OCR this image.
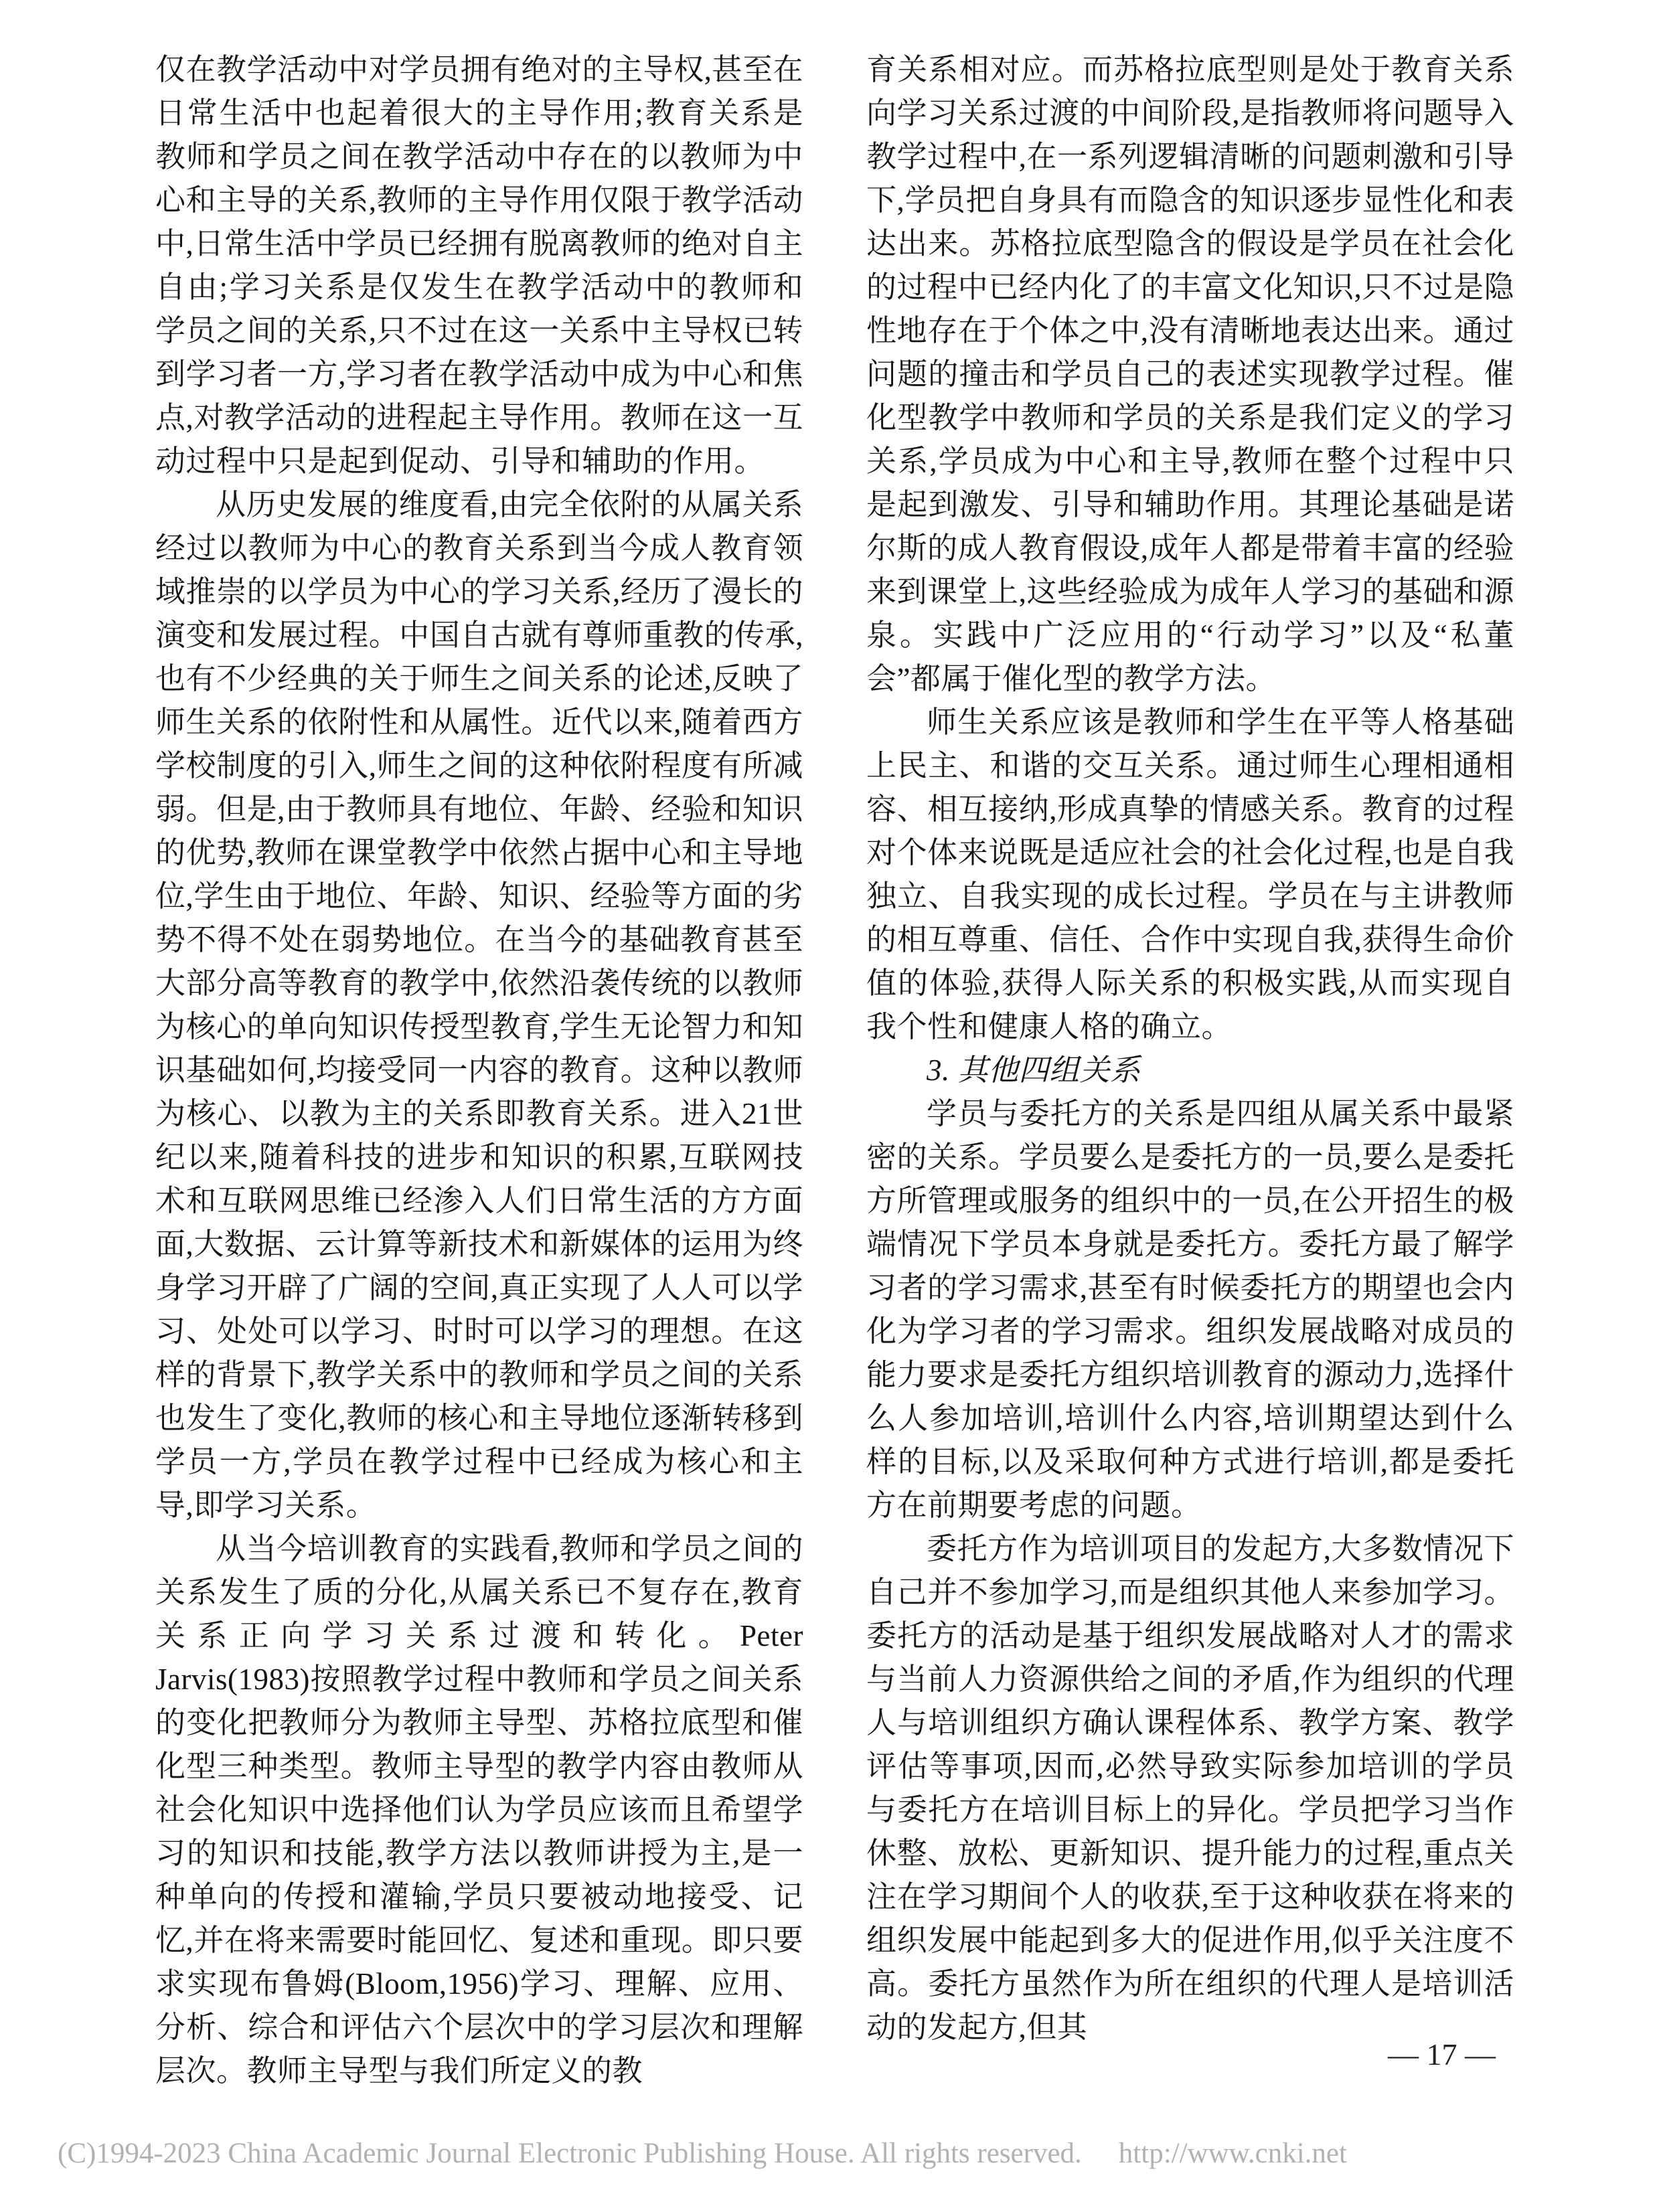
仅在教学活动中对学员拥有绝对的主导权,甚至在日常生活中也起着很大的主导作用;教育关系是教师和学员之间在教学活动中存在的以教师为中心和主导的关系,教师的主导作用仅限于教学活动中,日常生活中学员已经拥有脱离教师的绝对自主自由;学习关系是仅发生在教学活动中的教师和学员之间的关系,只不过在这一关系中主导权已转到学习者一方,学习者在教学活动中成为中心和焦点,对教学活动的进程起主导作用。教师在这一互动过程中只是起到促动、引导和辅助的作用。

从历史发展的维度看,由完全依附的从属关系经过以教师为中心的教育关系到当今成人教育领域推崇的以学员为中心的学习关系,经历了漫长的演变和发展过程。中国自古就有尊师重教的传承,也有不少经典的关于师生之间关系的论述,反映了师生关系的依附性和从属性。近代以来,随着西方学校制度的引入,师生之间的这种依附程度有所减弱。但是,由于教师具有地位、年龄、经验和知识的优势,教师在课堂教学中依然占据中心和主导地位,学生由于地位、年龄、知识、经验等方面的劣势不得不处在弱势地位。在当今的基础教育甚至大部分高等教育的教学中,依然沿袭传统的以教师为核心的单向知识传授型教育,学生无论智力和知识基础如何,均接受同一内容的教育。这种以教师为核心、以教为主的关系即教育关系。进入21世纪以来,随着科技的进步和知识的积累,互联网技术和互联网思维已经渗入人们日常生活的方方面面,大数据、云计算等新技术和新媒体的运用为终身学习开辟了广阔的空间,真正实现了人人可以学习、处处可以学习、时时可以学习的理想。在这样的背景下,教学关系中的教师和学员之间的关系也发生了变化,教师的核心和主导地位逐渐转移到学员一方,学员在教学过程中已经成为核心和主导,即学习关系。

从当今培训教育的实践看,教师和学员之间的关系发生了质的分化,从属关系已不复存在,教育关系正向学习关系过渡和转化。Peter Jarvis(1983)按照教学过程中教师和学员之间关系的变化把教师分为教师主导型、苏格拉底型和催化型三种类型。教师主导型的教学内容由教师从社会化知识中选择他们认为学员应该而且希望学习的知识和技能,教学方法以教师讲授为主,是一种单向的传授和灌输,学员只要被动地接受、记忆,并在将来需要时能回忆、复述和重现。即只要求实现布鲁姆(Bloom,1956)学习、理解、应用、分析、综合和评估六个层次中的学习层次和理解层次。教师主导型与我们所定义的教

育关系相对应。而苏格拉底型则是处于教育关系向学习关系过渡的中间阶段,是指教师将问题导入教学过程中,在一系列逻辑清晰的问题刺激和引导下,学员把自身具有而隐含的知识逐步显性化和表达出来。苏格拉底型隐含的假设是学员在社会化的过程中已经内化了的丰富文化知识,只不过是隐性地存在于个体之中,没有清晰地表达出来。通过问题的撞击和学员自己的表述实现教学过程。催化型教学中教师和学员的关系是我们定义的学习关系,学员成为中心和主导,教师在整个过程中只是起到激发、引导和辅助作用。其理论基础是诺尔斯的成人教育假设,成年人都是带着丰富的经验来到课堂上,这些经验成为成年人学习的基础和源泉。实践中广泛应用的“行动学习”以及“私董会”都属于催化型的教学方法。

师生关系应该是教师和学生在平等人格基础上民主、和谐的交互关系。通过师生心理相通相容、相互接纳,形成真挚的情感关系。教育的过程对个体来说既是适应社会的社会化过程,也是自我独立、自我实现的成长过程。学员在与主讲教师的相互尊重、信任、合作中实现自我,获得生命价值的体验,获得人际关系的积极实践,从而实现自我个性和健康人格的确立。

3. 其他四组关系

学员与委托方的关系是四组从属关系中最紧密的关系。学员要么是委托方的一员,要么是委托方所管理或服务的组织中的一员,在公开招生的极端情况下学员本身就是委托方。委托方最了解学习者的学习需求,甚至有时候委托方的期望也会内化为学习者的学习需求。组织发展战略对成员的能力要求是委托方组织培训教育的源动力,选择什么人参加培训,培训什么内容,培训期望达到什么样的目标,以及采取何种方式进行培训,都是委托方在前期要考虑的问题。

委托方作为培训项目的发起方,大多数情况下自己并不参加学习,而是组织其他人来参加学习。委托方的活动是基于组织发展战略对人才的需求与当前人力资源供给之间的矛盾,作为组织的代理人与培训组织方确认课程体系、教学方案、教学评估等事项,因而,必然导致实际参加培训的学员与委托方在培训目标上的异化。学员把学习当作休整、放松、更新知识、提升能力的过程,重点关注在学习期间个人的收获,至于这种收获在将来的组织发展中能起到多大的促进作用,似乎关注度不高。委托方虽然作为所在组织的代理人是培训活动的发起方,但其

— 17 —
(C)1994-2023 China Academic Journal Electronic Publishing House. All rights reserved. http://www.cnki.net
